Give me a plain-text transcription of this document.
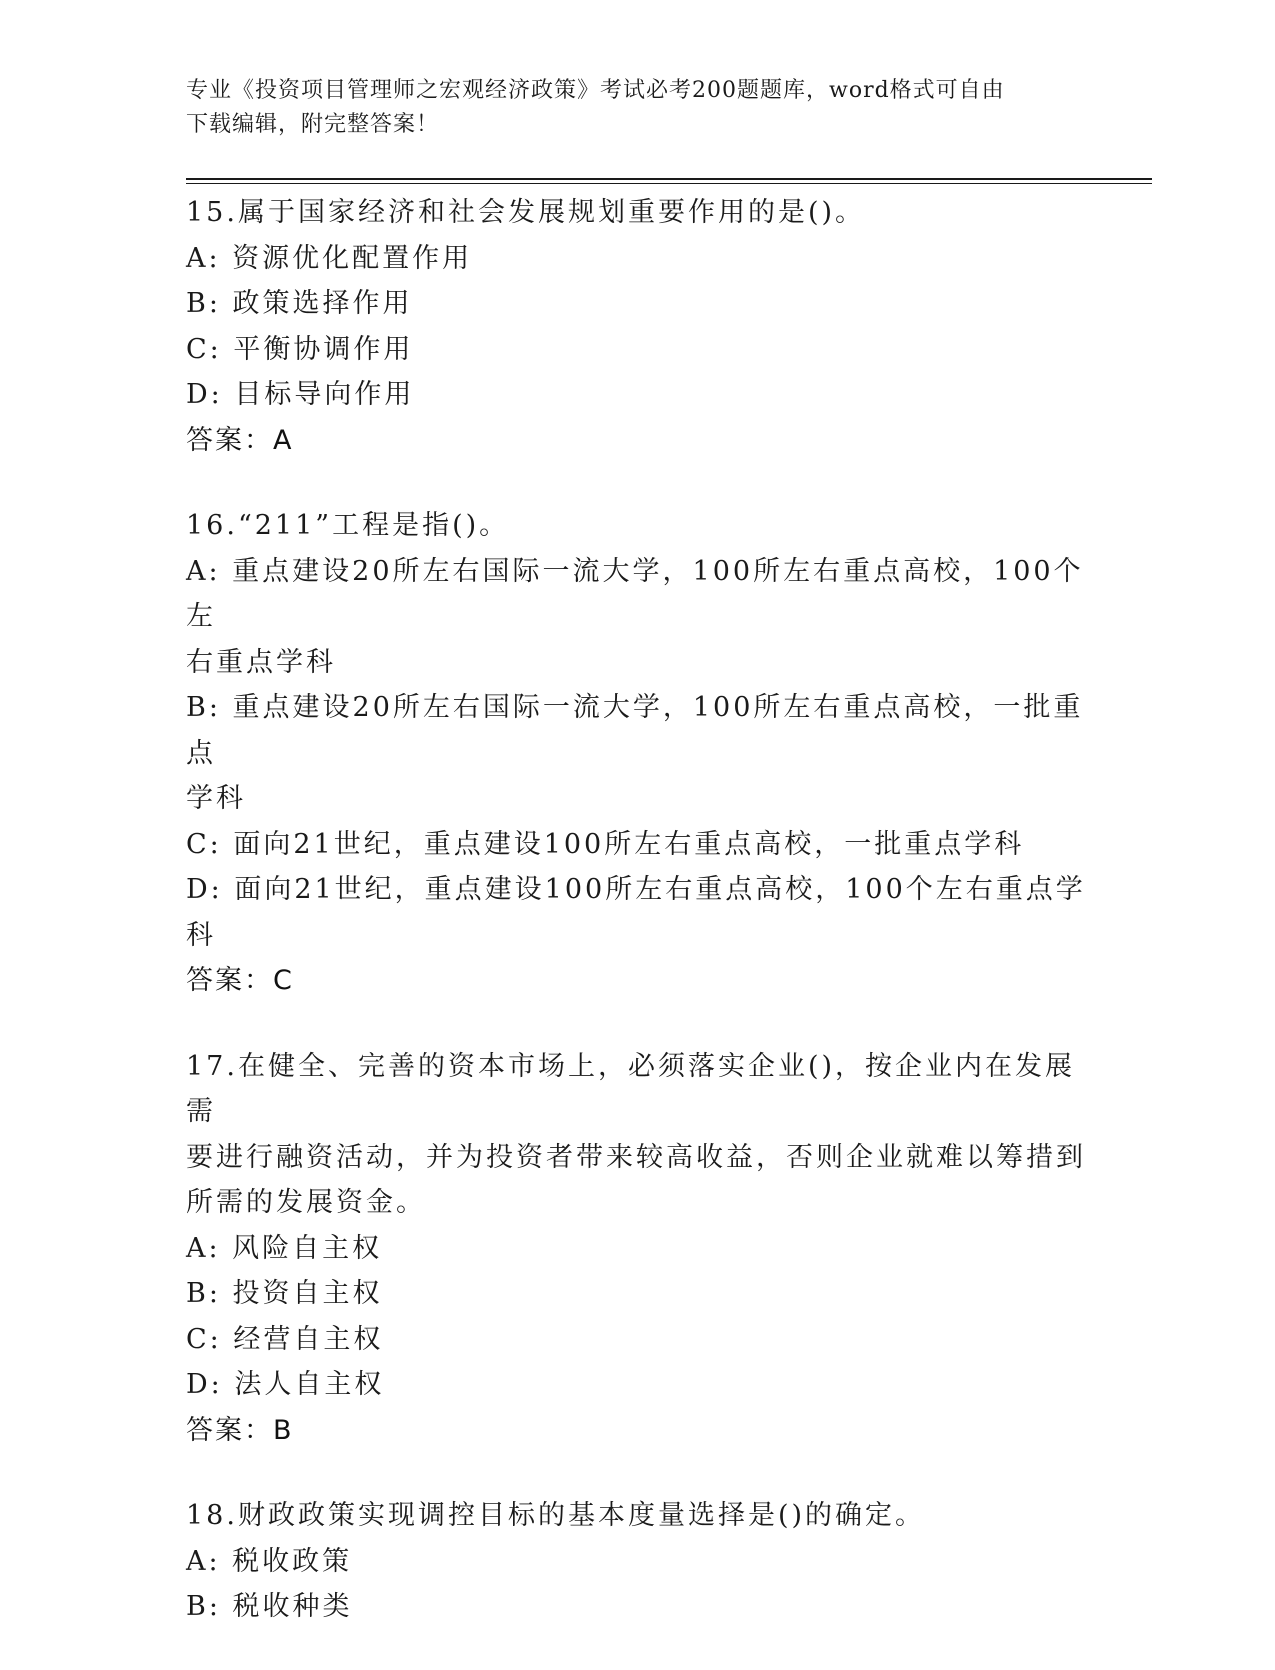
专业《投资项目管理师之宏观经济政策》考试必考200题题库，word格式可自由
下载编辑，附完整答案！
15.属于国家经济和社会发展规划重要作用的是()。
A: 资源优化配置作用
B: 政策选择作用
C: 平衡协调作用
D: 目标导向作用
答案：A
16.“211”工程是指()。
A: 重点建设20所左右国际一流大学，100所左右重点高校，100个左
右重点学科
B: 重点建设20所左右国际一流大学，100所左右重点高校，一批重点
学科
C: 面向21世纪，重点建设100所左右重点高校，一批重点学科
D: 面向21世纪，重点建设100所左右重点高校，100个左右重点学科
答案：C
17.在健全、完善的资本市场上，必须落实企业()，按企业内在发展需
要进行融资活动，并为投资者带来较高收益，否则企业就难以筹措到
所需的发展资金。
A: 风险自主权
B: 投资自主权
C: 经营自主权
D: 法人自主权
答案：B
18.财政政策实现调控目标的基本度量选择是()的确定。
A: 税收政策
B: 税收种类
